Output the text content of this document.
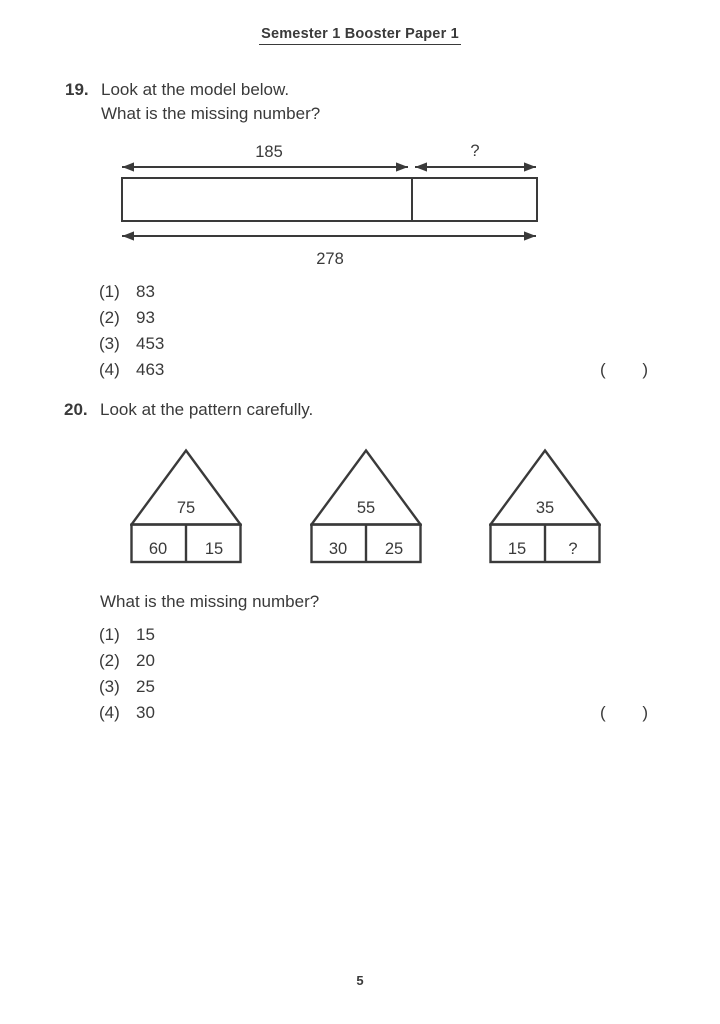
Semester 1 Booster Paper 1
19. Look at the model below.
What is the missing number?
185	?
278
(1) 83
(2) 93
(3) 453
(4) 463	( )
20. Look at the pattern carefully.
75
60 15
55
30 25
35
15	?
What is the missing number?
(1) 15
(2) 20
(3) 25
(4) 30	( )
5
